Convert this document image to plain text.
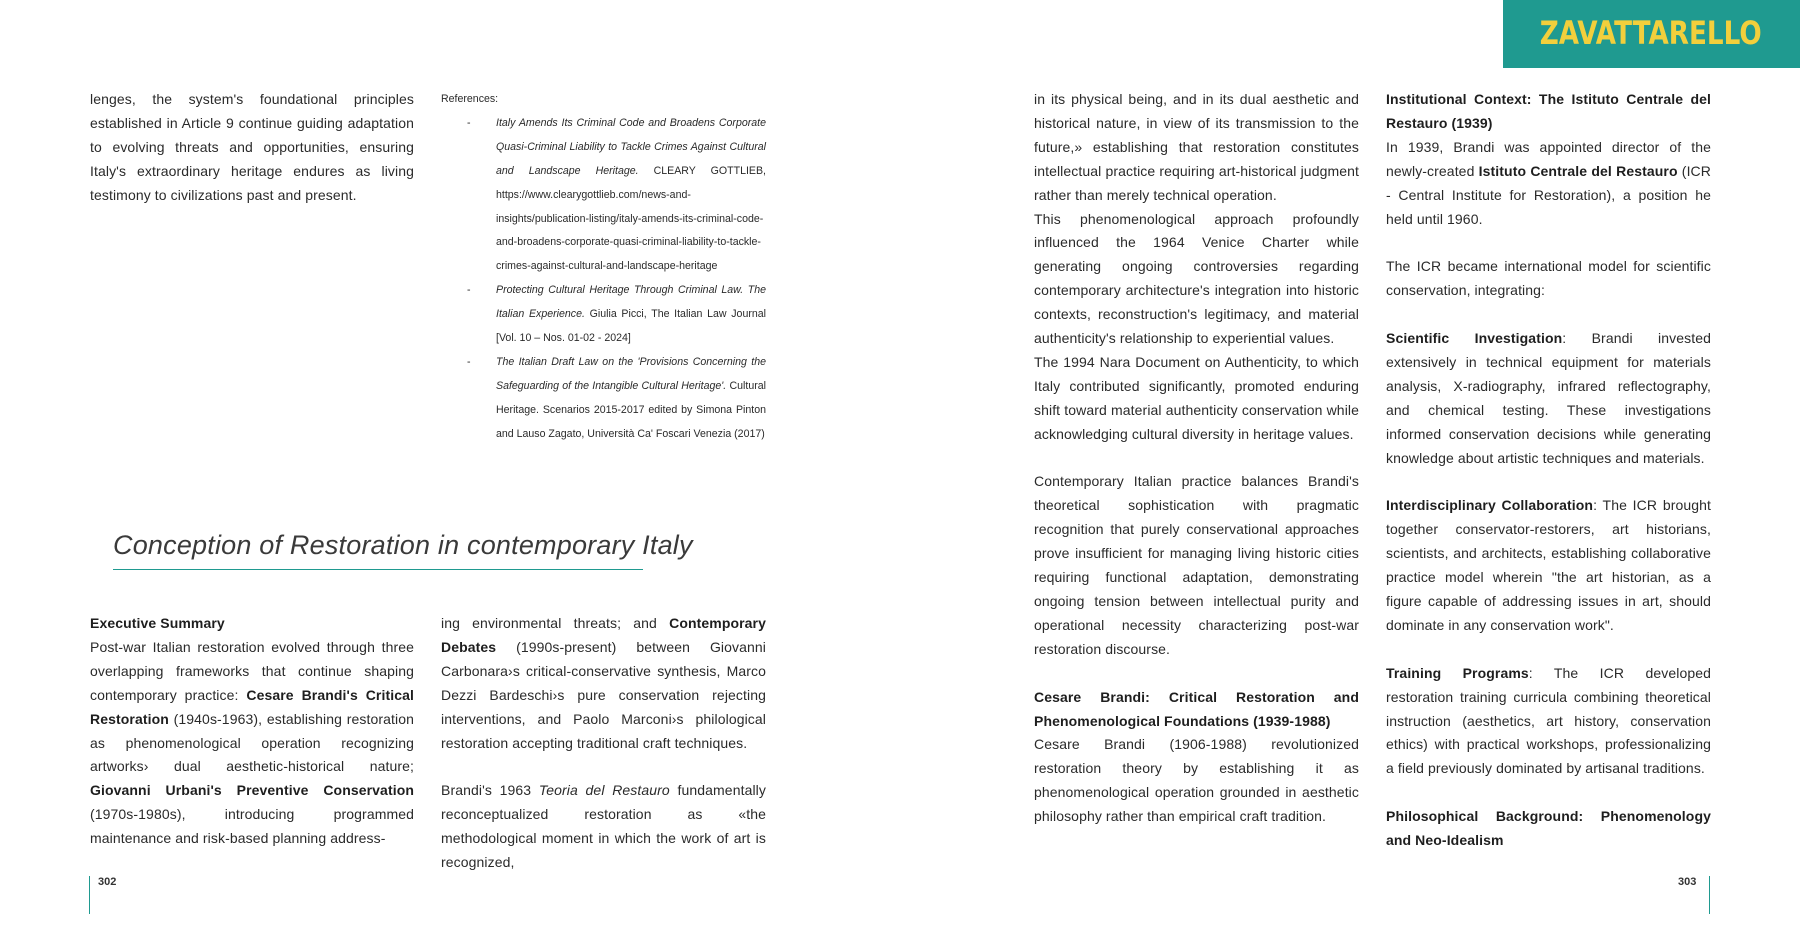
ZAVATTARELLO

lenges, the system's foundational principles established in Article 9 continue guiding adaptation to evolving threats and opportunities, ensuring Italy's extraordinary heritage endures as living testimony to civilizations past and present.

References:
- Italy Amends Its Criminal Code and Broadens Corporate Quasi-Criminal Liability to Tackle Crimes Against Cultural and Landscape Heritage. CLEARY GOTTLIEB, https://www.clearygottlieb.com/news-and-insights/publication-listing/italy-amends-its-criminal-code-and-broadens-corporate-quasi-criminal-liability-to-tackle-crimes-against-cultural-and-landscape-heritage
- Protecting Cultural Heritage Through Criminal Law. The Italian Experience. Giulia Picci, The Italian Law Journal [Vol. 10 – Nos. 01-02 - 2024]
- The Italian Draft Law on the 'Provisions Concerning the Safeguarding of the Intangible Cultural Heritage'. Cultural Heritage. Scenarios 2015-2017 edited by Simona Pinton and Lauso Zagato, Università Ca' Foscari Venezia (2017)
Conception of Restoration in contemporary Italy

Executive Summary

Post-war Italian restoration evolved through three overlapping frameworks that continue shaping contemporary practice: Cesare Brandi's Critical Restoration (1940s-1963), establishing restoration as phenomenological operation recognizing artworks› dual aesthetic-historical nature; Giovanni Urbani's Preventive Conservation (1970s-1980s), introducing programmed maintenance and risk-based planning address-

ing environmental threats; and Contemporary Debates (1990s-present) between Giovanni Carbonara›s critical-conservative synthesis, Marco Dezzi Bardeschi›s pure conservation rejecting interventions, and Paolo Marconi›s philological restoration accepting traditional craft techniques.

Brandi's 1963 Teoria del Restauro fundamentally reconceptualized restoration as «the methodological moment in which the work of art is recognized,

302

in its physical being, and in its dual aesthetic and historical nature, in view of its transmission to the future,» establishing that restoration constitutes intellectual practice requiring art-historical judgment rather than merely technical operation.

This phenomenological approach profoundly influenced the 1964 Venice Charter while generating ongoing controversies regarding contemporary architecture's integration into historic contexts, reconstruction's legitimacy, and material authenticity's relationship to experiential values.

The 1994 Nara Document on Authenticity, to which Italy contributed significantly, promoted enduring shift toward material authenticity conservation while acknowledging cultural diversity in heritage values.

Contemporary Italian practice balances Brandi's theoretical sophistication with pragmatic recognition that purely conservational approaches prove insufficient for managing living historic cities requiring functional adaptation, demonstrating ongoing tension between intellectual purity and operational necessity characterizing post-war restoration discourse.

Cesare Brandi: Critical Restoration and Phenomenological Foundations (1939-1988)

Cesare Brandi (1906-1988) revolutionized restoration theory by establishing it as phenomenological operation grounded in aesthetic philosophy rather than empirical craft tradition.

Institutional Context: The Istituto Centrale del Restauro (1939)

In 1939, Brandi was appointed director of the newly-created Istituto Centrale del Restauro (ICR - Central Institute for Restoration), a position he held until 1960.

The ICR became international model for scientific conservation, integrating:

Scientific Investigation: Brandi invested extensively in technical equipment for materials analysis, X-radiography, infrared reflectography, and chemical testing. These investigations informed conservation decisions while generating knowledge about artistic techniques and materials.

Interdisciplinary Collaboration: The ICR brought together conservator-restorers, art historians, scientists, and architects, establishing collaborative practice model wherein "the art historian, as a figure capable of addressing issues in art, should dominate in any conservation work".

Training Programs: The ICR developed restoration training curricula combining theoretical instruction (aesthetics, art history, conservation ethics) with practical workshops, professionalizing a field previously dominated by artisanal traditions.

Philosophical Background: Phenomenology and Neo-Idealism

303
